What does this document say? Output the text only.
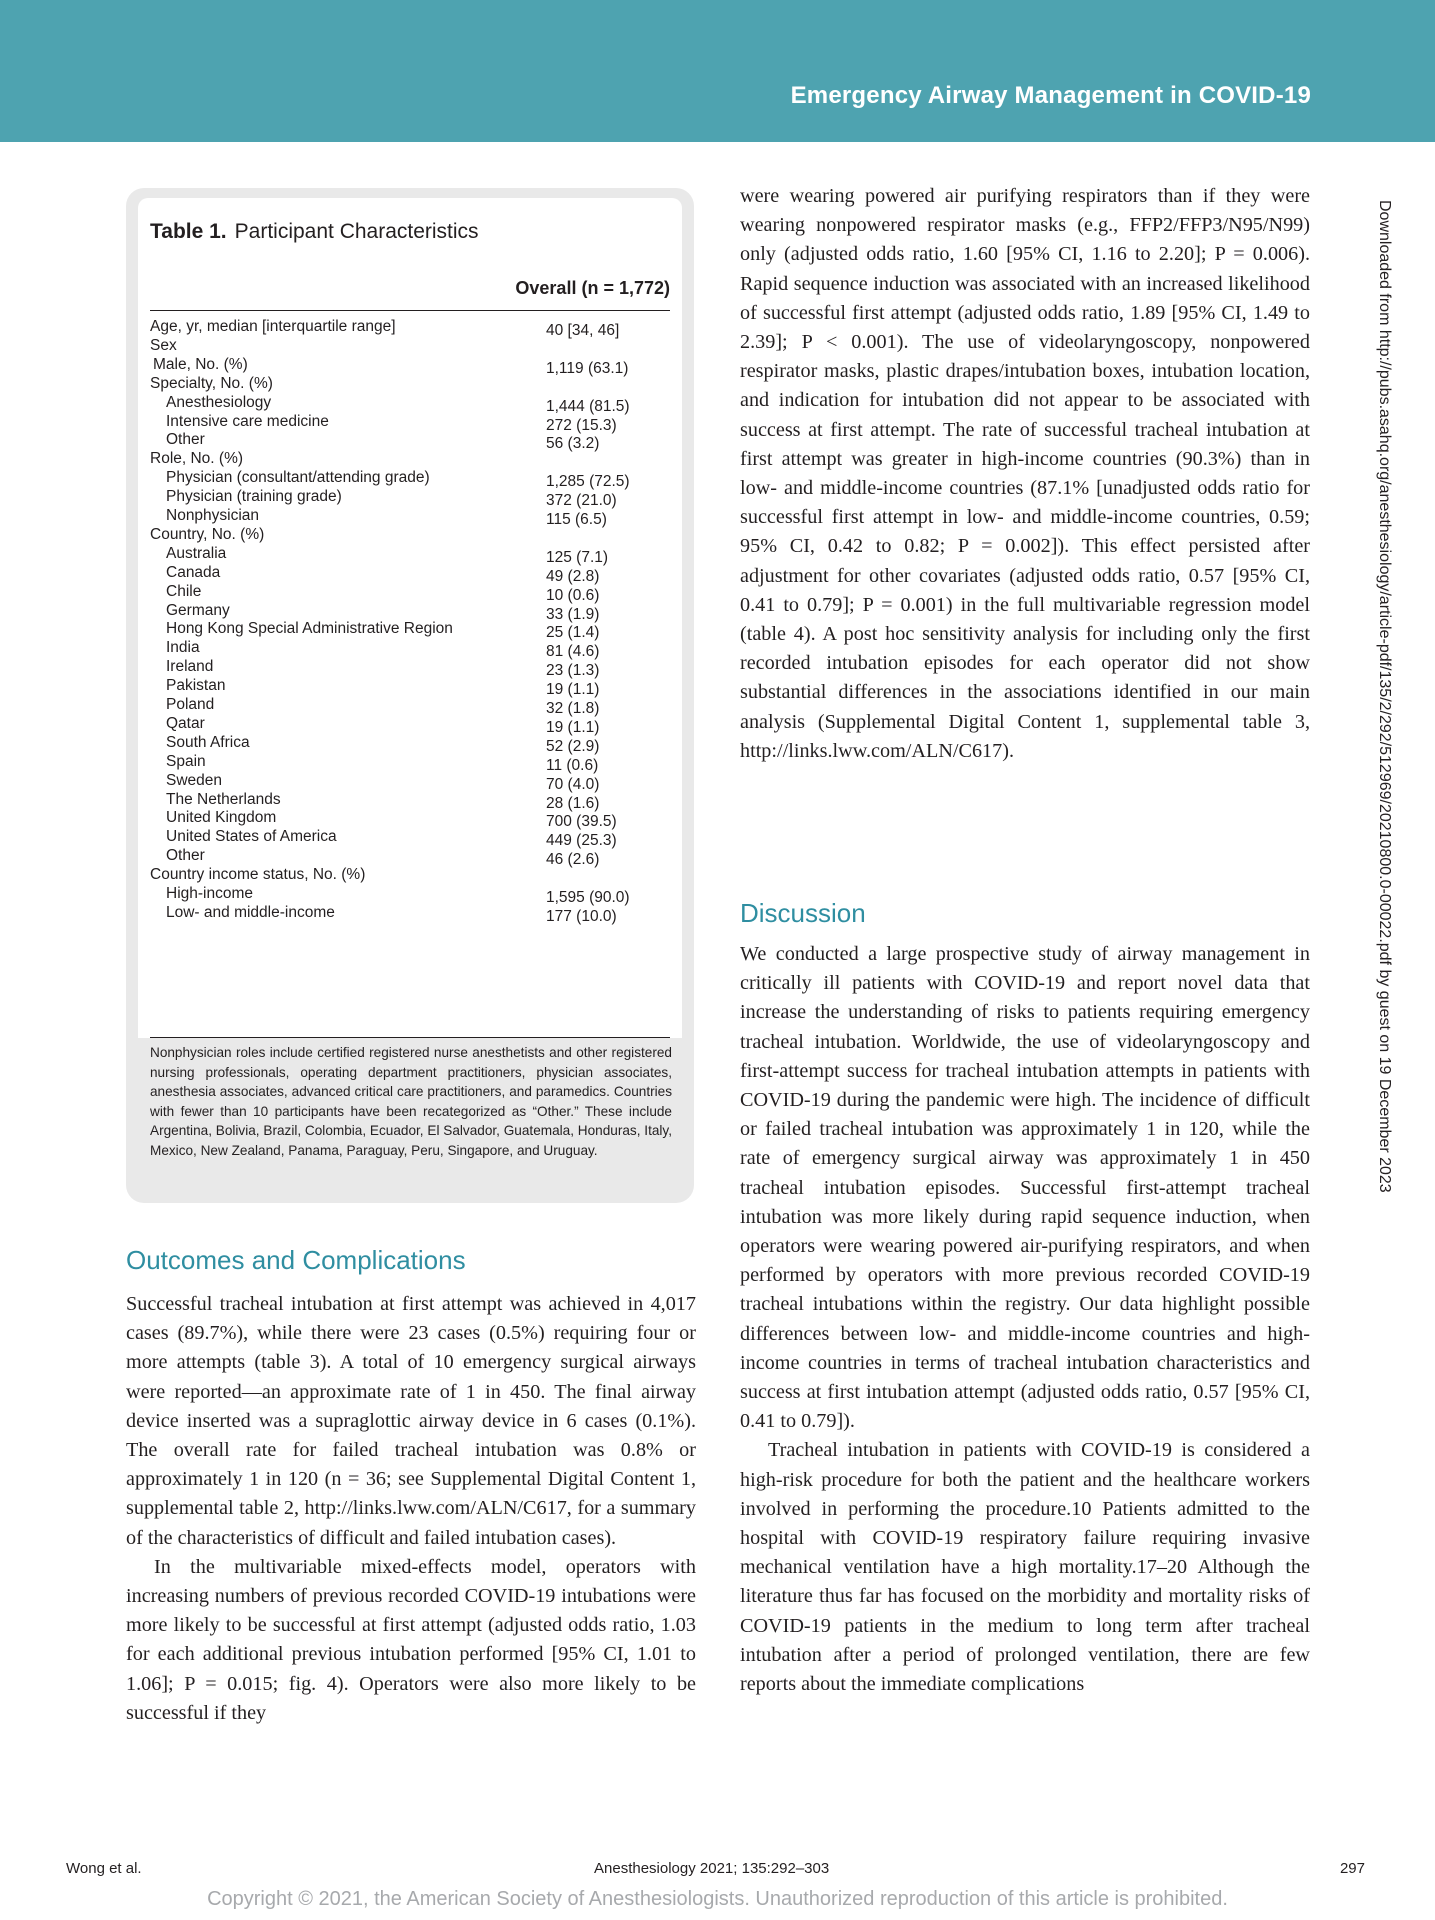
Emergency Airway Management in COVID-19
Downloaded from http://pubs.asahq.org/anesthesiology/article-pdf/135/2/292/512969/20210800.0-00022.pdf by guest on 19 December 2023
Table 1. Participant Characteristics
Overall (n = 1,772)
Age, yr, median [interquartile range]	40 [34, 46]
Sex
Male, No. (%)	1,119 (63.1)
Specialty, No. (%)
Anesthesiology	1,444 (81.5)
Intensive care medicine	272 (15.3)
Other	56 (3.2)
Role, No. (%)
Physician (consultant/attending grade)	1,285 (72.5)
Physician (training grade)	372 (21.0)
Nonphysician	115 (6.5)
Country, No. (%)
Australia	125 (7.1)
Canada	49 (2.8)
Chile	10 (0.6)
Germany	33 (1.9)
Hong Kong Special Administrative Region	25 (1.4)
India	81 (4.6)
Ireland	23 (1.3)
Pakistan	19 (1.1)
Poland	32 (1.8)
Qatar	19 (1.1)
South Africa	52 (2.9)
Spain	11 (0.6)
Sweden	70 (4.0)
The Netherlands	28 (1.6)
United Kingdom	700 (39.5)
United States of America	449 (25.3)
Other	46 (2.6)
Country income status, No. (%)
High-income	1,595 (90.0)
Low- and middle-income	177 (10.0)
Nonphysician roles include certified registered nurse anesthetists and other registered nursing professionals, operating department practitioners, physician associates, anesthesia associates, advanced critical care practitioners, and paramedics. Countries with fewer than 10 participants have been recategorized as “Other.” These include Argentina, Bolivia, Brazil, Colombia, Ecuador, El Salvador, Guatemala, Honduras, Italy, Mexico, New Zealand, Panama, Paraguay, Peru, Singapore, and Uruguay.
Outcomes and Complications

Successful tracheal intubation at first attempt was achieved in 4,017 cases (89.7%), while there were 23 cases (0.5%) requiring four or more attempts (table 3). A total of 10 emergency surgical airways were reported—an approximate rate of 1 in 450. The final airway device inserted was a supraglottic airway device in 6 cases (0.1%). The overall rate for failed tracheal intubation was 0.8% or approximately 1 in 120 (n = 36; see Supplemental Digital Content 1, supplemental table 2, http://links.lww.com/ALN/C617, for a summary of the characteristics of difficult and failed intubation cases).

In the multivariable mixed-effects model, operators with increasing numbers of previous recorded COVID-19 intubations were more likely to be successful at first attempt (adjusted odds ratio, 1.03 for each additional previous intubation performed [95% CI, 1.01 to 1.06]; P = 0.015; fig. 4). Operators were also more likely to be successful if they

were wearing powered air purifying respirators than if they were wearing nonpowered respirator masks (e.g., FFP2/FFP3/N95/N99) only (adjusted odds ratio, 1.60 [95% CI, 1.16 to 2.20]; P = 0.006). Rapid sequence induction was associated with an increased likelihood of successful first attempt (adjusted odds ratio, 1.89 [95% CI, 1.49 to 2.39]; P < 0.001). The use of videolaryngoscopy, nonpowered respirator masks, plastic drapes/intubation boxes, intubation location, and indication for intubation did not appear to be associated with success at first attempt. The rate of successful tracheal intubation at first attempt was greater in high-income countries (90.3%) than in low- and middle-income countries (87.1% [unadjusted odds ratio for successful first attempt in low- and middle-income countries, 0.59; 95% CI, 0.42 to 0.82; P = 0.002]). This effect persisted after adjustment for other covariates (adjusted odds ratio, 0.57 [95% CI, 0.41 to 0.79]; P = 0.001) in the full multivariable regression model (table 4). A post hoc sensitivity analysis for including only the first recorded intubation episodes for each operator did not show substantial differences in the associations identified in our main analysis (Supplemental Digital Content 1, supplemental table 3, http://links.lww.com/ALN/C617).

Discussion

We conducted a large prospective study of airway management in critically ill patients with COVID-19 and report novel data that increase the understanding of risks to patients requiring emergency tracheal intubation. Worldwide, the use of videolaryngoscopy and first-attempt success for tracheal intubation attempts in patients with COVID-19 during the pandemic were high. The incidence of difficult or failed tracheal intubation was approximately 1 in 120, while the rate of emergency surgical airway was approximately 1 in 450 tracheal intubation episodes. Successful first-attempt tracheal intubation was more likely during rapid sequence induction, when operators were wearing powered air-purifying respirators, and when performed by operators with more previous recorded COVID-19 tracheal intubations within the registry. Our data highlight possible differences between low- and middle-income countries and high-income countries in terms of tracheal intubation characteristics and success at first intubation attempt (adjusted odds ratio, 0.57 [95% CI, 0.41 to 0.79]).

Tracheal intubation in patients with COVID-19 is considered a high-risk procedure for both the patient and the healthcare workers involved in performing the procedure.10 Patients admitted to the hospital with COVID-19 respiratory failure requiring invasive mechanical ventilation have a high mortality.17–20 Although the literature thus far has focused on the morbidity and mortality risks of COVID-19 patients in the medium to long term after tracheal intubation after a period of prolonged ventilation, there are few reports about the immediate complications

Wong et al.	Anesthesiology 2021; 135:292–303	297
Copyright © 2021, the American Society of Anesthesiologists. Unauthorized reproduction of this article is prohibited.
